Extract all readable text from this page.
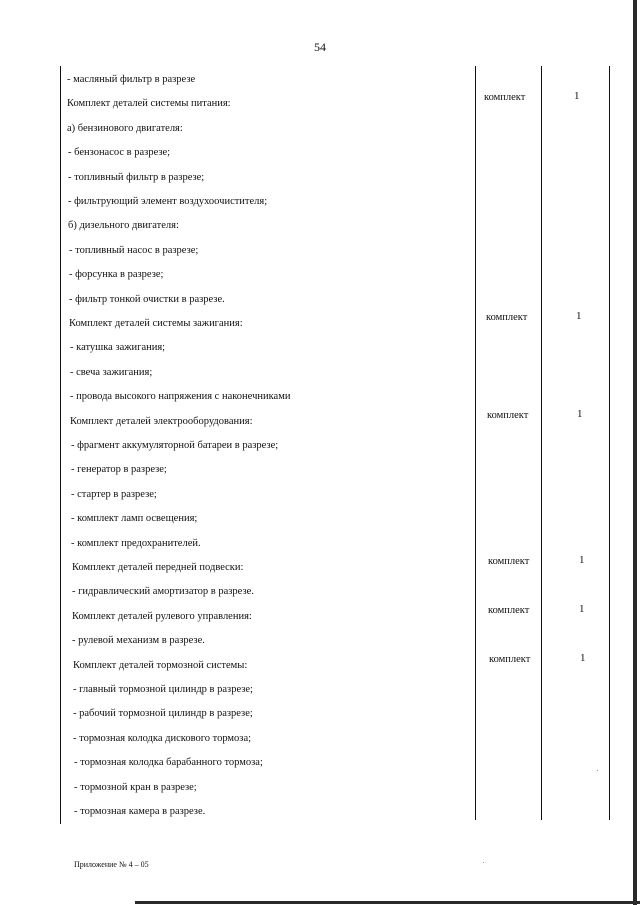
54
- масляный фильтр в разрезе
Комплект деталей системы питания:
комплект	1
а) бензинового двигателя:
- бензонасос в разрезе;
- топливный фильтр в разрезе;
- фильтрующий элемент воздухоочистителя;
б) дизельного двигателя:
- топливный насос в разрезе;
- форсунка в разрезе;
- фильтр тонкой очистки в разрезе.
Комплект деталей системы зажигания:
комплект	1
- катушка зажигания;
- свеча зажигания;
- провода высокого напряжения с наконечниками
Комплект деталей электрооборудования:
комплект	1
- фрагмент аккумуляторной батареи в разрезе;
- генератор в разрезе;
- стартер в разрезе;
- комплект ламп освещения;
- комплект предохранителей.
Комплект деталей передней подвески:
комплект	1
- гидравлический амортизатор в разрезе.
Комплект деталей рулевого управления:
комплект	1
- рулевой механизм в разрезе.
Комплект деталей тормозной системы:
комплект	1
- главный тормозной цилиндр в разрезе;
- рабочий тормозной цилиндр в разрезе;
- тормозная колодка дискового тормоза;
- тормозная колодка барабанного тормоза;
- тормозной кран в разрезе;
- тормозная камера в разрезе.
Приложение № 4 – 05
